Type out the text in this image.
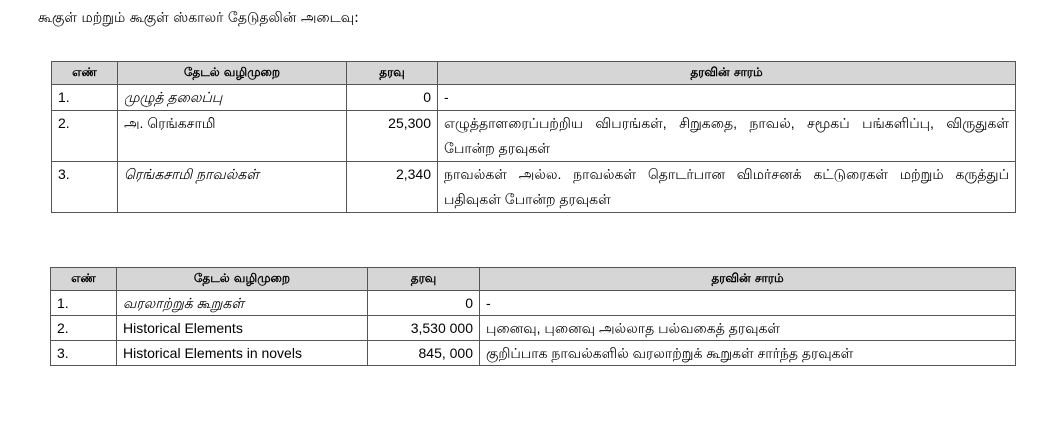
கூகுள் மற்றும் கூகுள் ஸ்காலர் தேடுதலின் அடைவு:
எண்	தேடல் வழிமுறை	தரவு	தரவின் சாரம்
1.	முழுத் தலைப்பு	0	-
2.	அ. ரெங்கசாமி	25,300	எழுத்தாளரைப்பற்றிய விபரங்கள், சிறுகதை, நாவல், சமூகப் பங்களிப்பு, விருதுகள் போன்ற தரவுகள்
3.	ரெங்கசாமி நாவல்கள்	2,340	நாவல்கள் அல்ல. நாவல்கள் தொடர்பான விமர்சனக் கட்டுரைகள் மற்றும் கருத்துப் பதிவுகள் போன்ற தரவுகள்
எண்	தேடல் வழிமுறை	தரவு	தரவின் சாரம்
1.	வரலாற்றுக் கூறுகள்	0	-
2.	Historical Elements	3,530 000	புனைவு, புனைவு அல்லாத பல்வகைத் தரவுகள்
3.	Historical Elements in novels	845, 000	குறிப்பாக நாவல்களில் வரலாற்றுக் கூறுகள் சார்ந்த தரவுகள்
